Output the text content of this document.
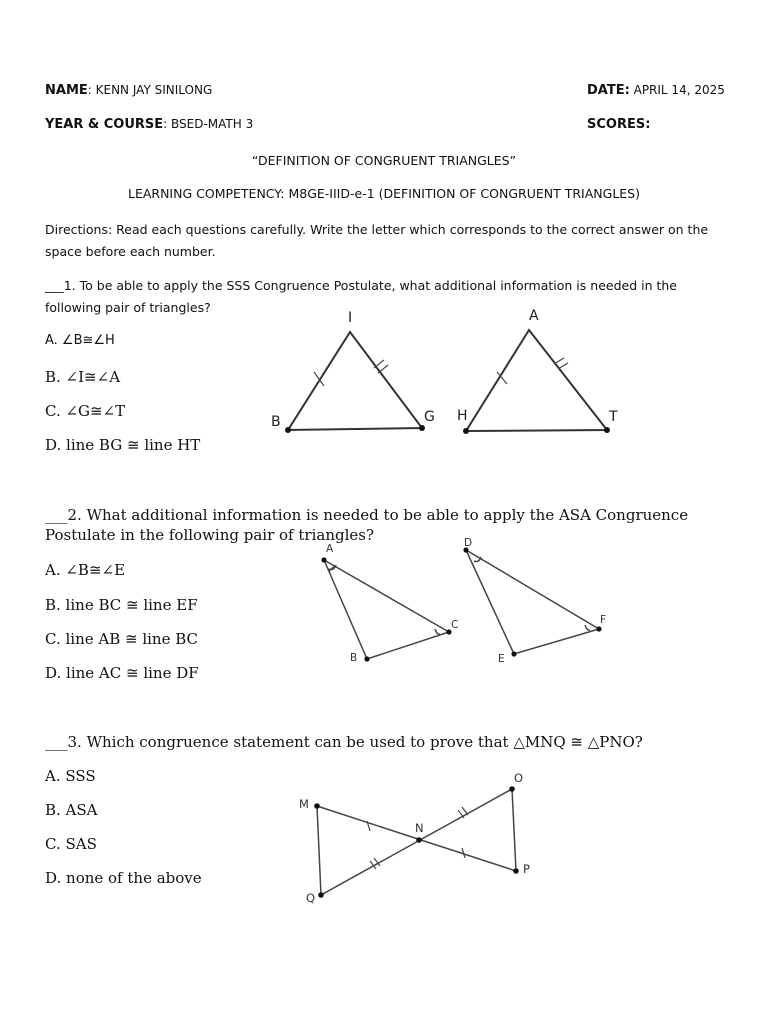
NAME: KENN JAY SINILONG	DATE: APRIL 14, 2025
YEAR & COURSE: BSED-MATH 3	SCORES:
“DEFINITION OF CONGRUENT TRIANGLES”
LEARNING COMPETENCY: M8GE-IIID-e-1 (DEFINITION OF CONGRUENT TRIANGLES)
Directions: Read each questions carefully. Write the letter which corresponds to the correct answer on the space before each number.
___1. To be able to apply the SSS Congruence Postulate, what additional information is needed in the following pair of triangles?
A. ∠B≅∠H
B. ∠I≅∠A
C. ∠G≅∠T
D. line BG ≅ line HT
I
B	G
A
H	T
___2. What additional information is needed to be able to apply the ASA Congruence
Postulate in the following pair of triangles?
A. ∠B≅∠E
B. line BC ≅ line EF
C. line AB ≅ line BC
D. line AC ≅ line DF
A
C
B
D
F
E
___3. Which congruence statement can be used to prove that △MNQ ≅ △PNO?
A. SSS
B. ASA
C. SAS
D. none of the above
M
N
O
Q
P
